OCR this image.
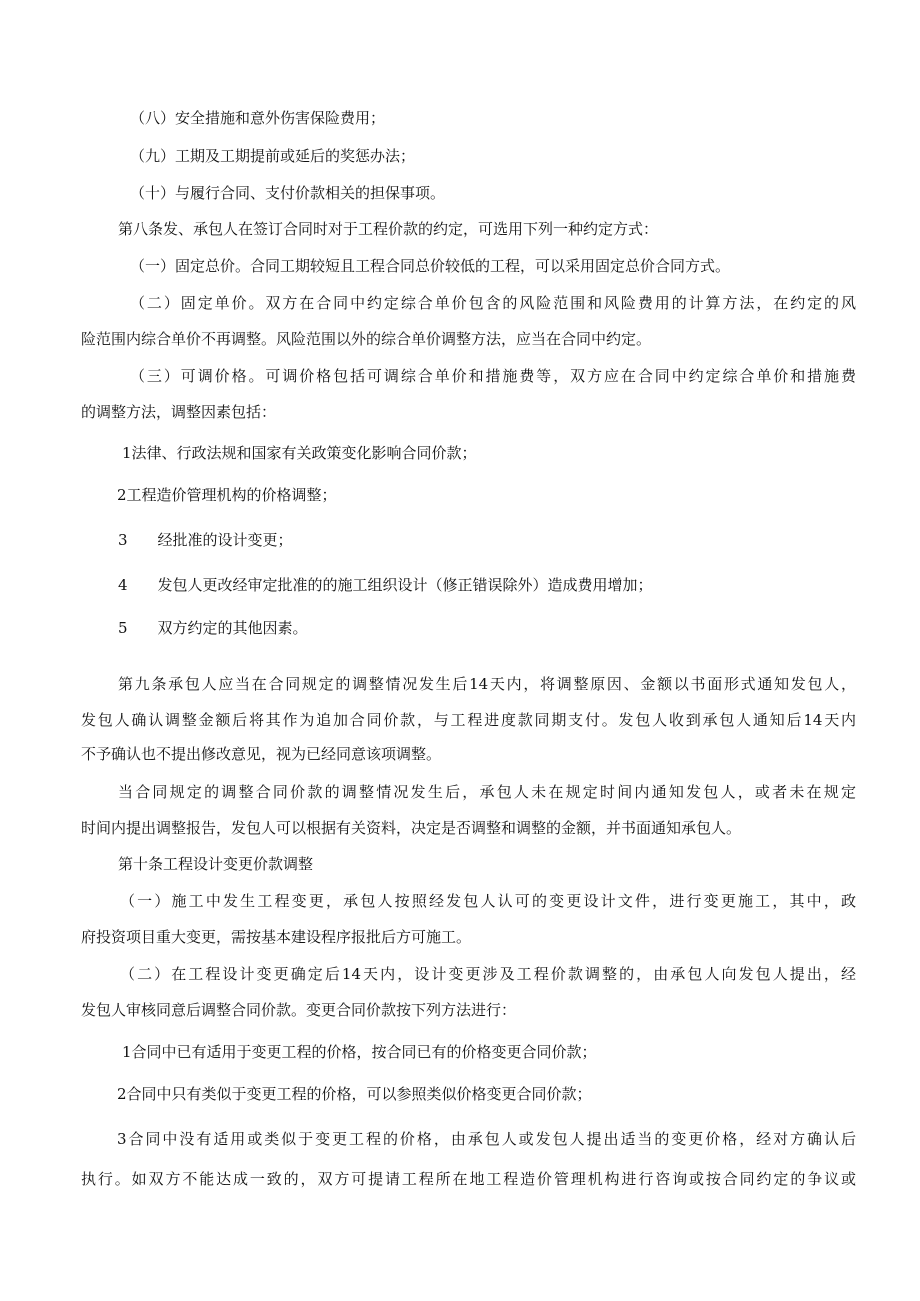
（八）安全措施和意外伤害保险费用；
（九）工期及工期提前或延后的奖惩办法；
（十）与履行合同、支付价款相关的担保事项。
第八条发、承包人在签订合同时对于工程价款的约定，可选用下列一种约定方式：
（一）固定总价。合同工期较短且工程合同总价较低的工程，可以采用固定总价合同方式。
（二）固定单价。双方在合同中约定综合单价包含的风险范围和风险费用的计算方法，在约定的风
险范围内综合单价不再调整。风险范围以外的综合单价调整方法，应当在合同中约定。
（三）可调价格。可调价格包括可调综合单价和措施费等，双方应在合同中约定综合单价和措施费
的调整方法，调整因素包括：
1法律、行政法规和国家有关政策变化影响合同价款；
2工程造价管理机构的价格调整；
3　　经批准的设计变更；
4　　发包人更改经审定批准的的施工组织设计（修正错误除外）造成费用增加；
5　　双方约定的其他因素。
第九条承包人应当在合同规定的调整情况发生后14天内，将调整原因、金额以书面形式通知发包人，
发包人确认调整金额后将其作为追加合同价款，与工程进度款同期支付。发包人收到承包人通知后14天内
不予确认也不提出修改意见，视为已经同意该项调整。
当合同规定的调整合同价款的调整情况发生后，承包人未在规定时间内通知发包人，或者未在规定
时间内提出调整报告，发包人可以根据有关资料，决定是否调整和调整的金额，并书面通知承包人。
第十条工程设计变更价款调整
（一）施工中发生工程变更，承包人按照经发包人认可的变更设计文件，进行变更施工，其中，政
府投资项目重大变更，需按基本建设程序报批后方可施工。
（二）在工程设计变更确定后14天内，设计变更涉及工程价款调整的，由承包人向发包人提出，经
发包人审核同意后调整合同价款。变更合同价款按下列方法进行：
1合同中已有适用于变更工程的价格，按合同已有的价格变更合同价款；
2合同中只有类似于变更工程的价格，可以参照类似价格变更合同价款；
3合同中没有适用或类似于变更工程的价格，由承包人或发包人提出适当的变更价格，经对方确认后
执行。如双方不能达成一致的，双方可提请工程所在地工程造价管理机构进行咨询或按合同约定的争议或
